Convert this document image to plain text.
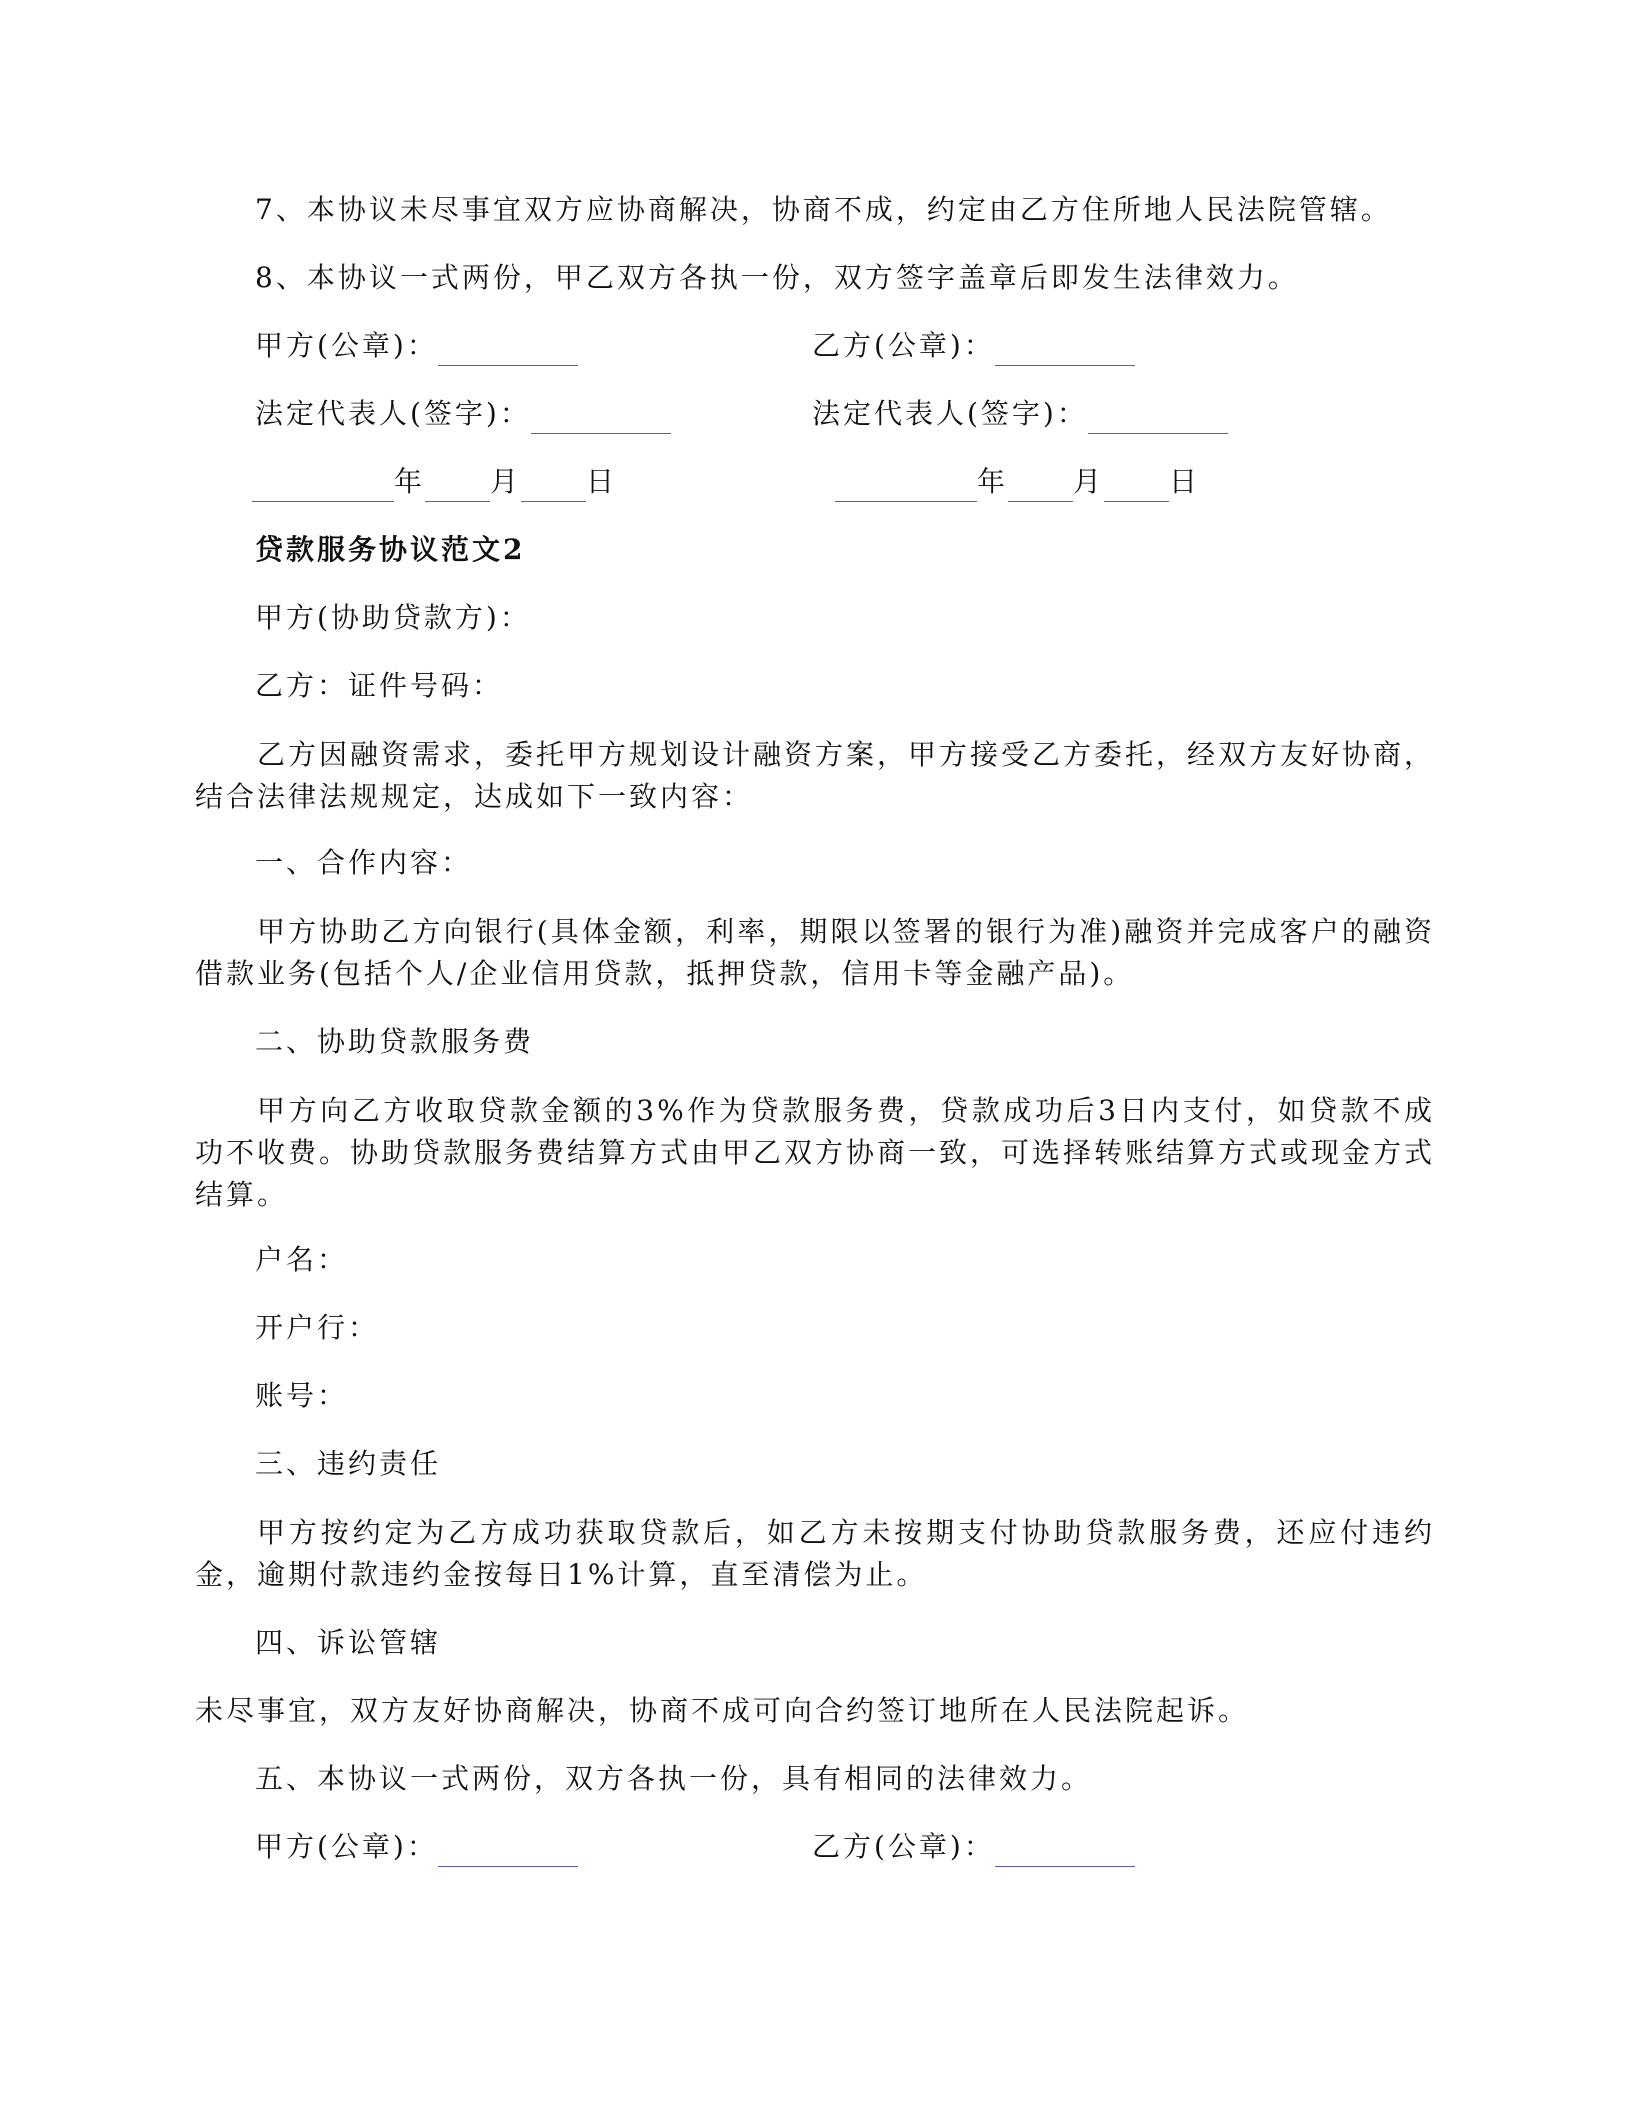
7、本协议未尽事宜双方应协商解决，协商不成，约定由乙方住所地人民法院管辖。
8、本协议一式两份，甲乙双方各执一份，双方签字盖章后即发生法律效力。
甲方(公章)：	乙方(公章)：
法定代表人(签字)：	法定代表人(签字)：
年 月 日	年 月 日
贷款服务协议范文2
甲方(协助贷款方)：
乙方：证件号码：
乙方因融资需求，委托甲方规划设计融资方案，甲方接受乙方委托，经双方友好协商，结合法律法规规定，达成如下一致内容：
一、合作内容：
甲方协助乙方向银行(具体金额，利率，期限以签署的银行为准)融资并完成客户的融资借款业务(包括个人/企业信用贷款，抵押贷款，信用卡等金融产品)。
二、协助贷款服务费
甲方向乙方收取贷款金额的3%作为贷款服务费，贷款成功后3日内支付，如贷款不成功不收费。协助贷款服务费结算方式由甲乙双方协商一致，可选择转账结算方式或现金方式结算。
户名：
开户行：
账号：
三、违约责任
甲方按约定为乙方成功获取贷款后，如乙方未按期支付协助贷款服务费，还应付违约金，逾期付款违约金按每日1%计算，直至清偿为止。
四、诉讼管辖
未尽事宜，双方友好协商解决，协商不成可向合约签订地所在人民法院起诉。
五、本协议一式两份，双方各执一份，具有相同的法律效力。
甲方(公章)：	乙方(公章)：
